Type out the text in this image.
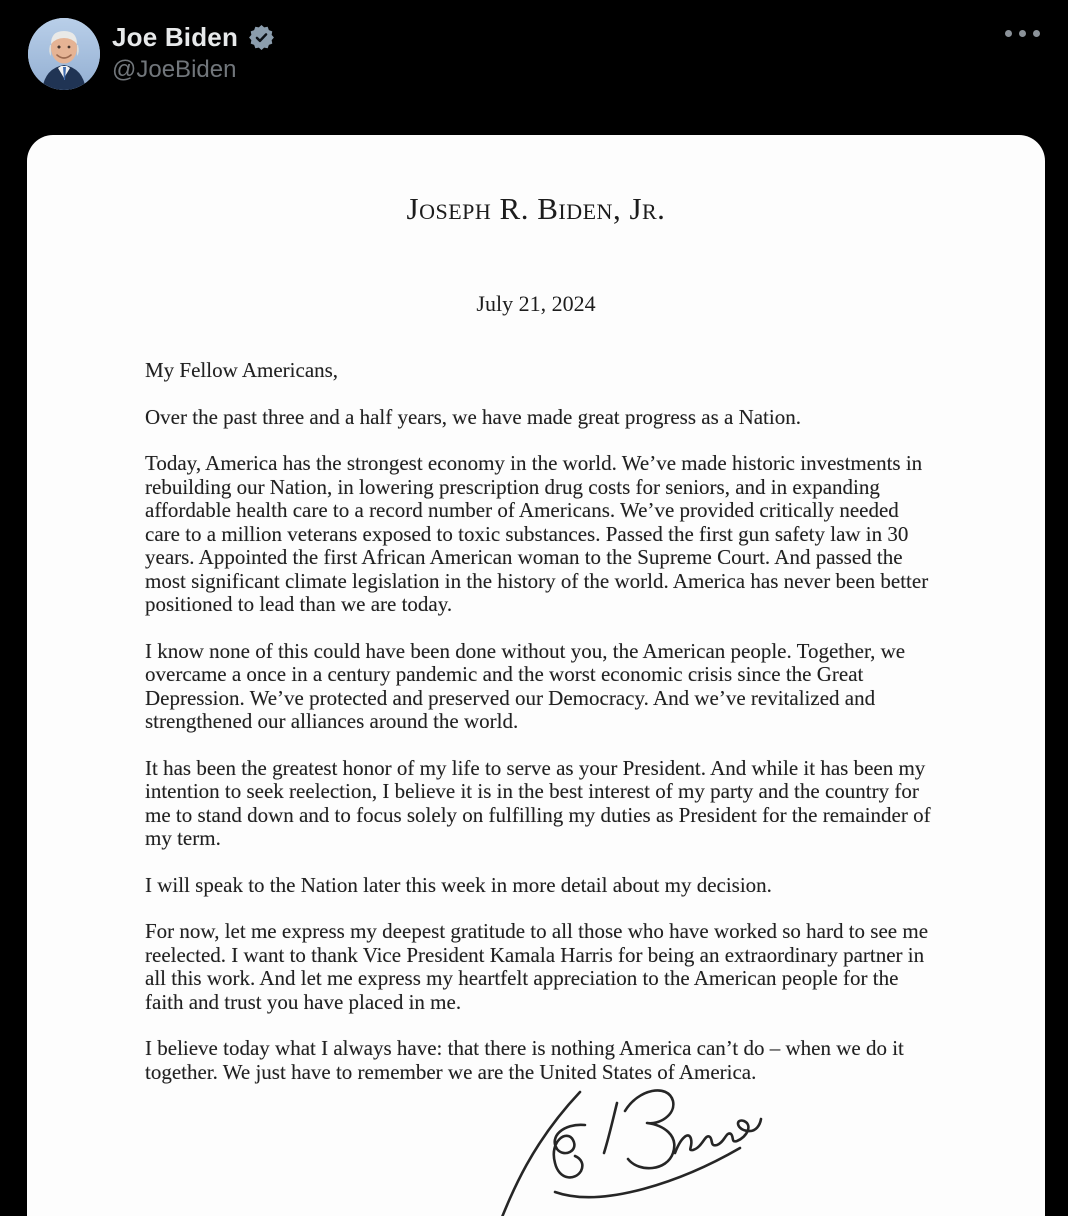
Joe Biden
@JoeBiden
Joseph R. Biden, Jr.
July 21, 2024

My Fellow Americans,

Over the past three and a half years, we have made great progress as a Nation.

Today, America has the strongest economy in the world. We’ve made historic investments in rebuilding our Nation, in lowering prescription drug costs for seniors, and in expanding affordable health care to a record number of Americans. We’ve provided critically needed care to a million veterans exposed to toxic substances. Passed the first gun safety law in 30 years. Appointed the first African American woman to the Supreme Court. And passed the most significant climate legislation in the history of the world. America has never been better positioned to lead than we are today.

I know none of this could have been done without you, the American people. Together, we overcame a once in a century pandemic and the worst economic crisis since the Great Depression. We’ve protected and preserved our Democracy. And we’ve revitalized and strengthened our alliances around the world.

It has been the greatest honor of my life to serve as your President. And while it has been my intention to seek reelection, I believe it is in the best interest of my party and the country for me to stand down and to focus solely on fulfilling my duties as President for the remainder of my term.

I will speak to the Nation later this week in more detail about my decision.

For now, let me express my deepest gratitude to all those who have worked so hard to see me reelected. I want to thank Vice President Kamala Harris for being an extraordinary partner in all this work. And let me express my heartfelt appreciation to the American people for the faith and trust you have placed in me.

I believe today what I always have: that there is nothing America can’t do – when we do it together. We just have to remember we are the United States of America.
